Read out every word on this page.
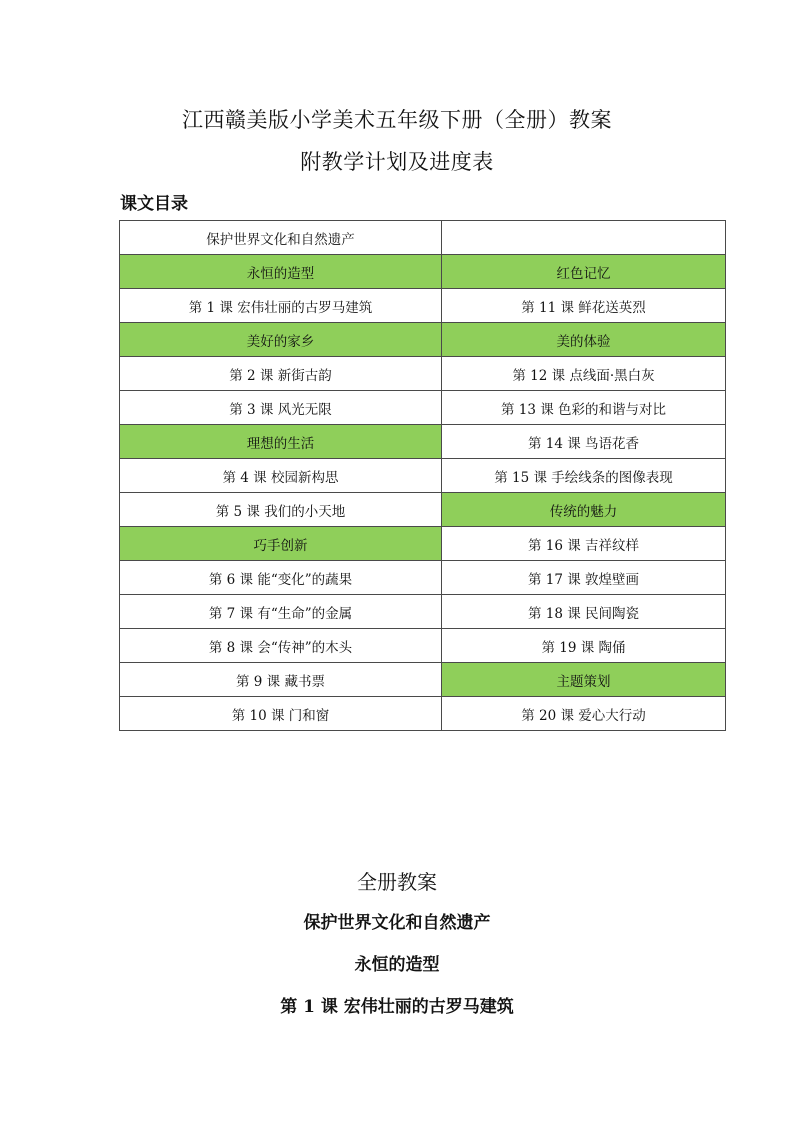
江西赣美版小学美术五年级下册（全册）教案
附教学计划及进度表
课文目录
保护世界文化和自然遗产	
永恒的造型	红色记忆
第 1 课 宏伟壮丽的古罗马建筑	第 11 课 鲜花送英烈
美好的家乡	美的体验
第 2 课 新街古韵	第 12 课 点线面·黑白灰
第 3 课 风光无限	第 13 课 色彩的和谐与对比
理想的生活	第 14 课 鸟语花香
第 4 课 校园新构思	第 15 课 手绘线条的图像表现
第 5 课 我们的小天地	传统的魅力
巧手创新	第 16 课 吉祥纹样
第 6 课 能“变化”的蔬果	第 17 课 敦煌壁画
第 7 课 有“生命”的金属	第 18 课 民间陶瓷
第 8 课 会“传神”的木头	第 19 课 陶俑
第 9 课 藏书票	主题策划
第 10 课 门和窗	第 20 课 爱心大行动
全册教案
保护世界文化和自然遗产
永恒的造型
第 1 课 宏伟壮丽的古罗马建筑
